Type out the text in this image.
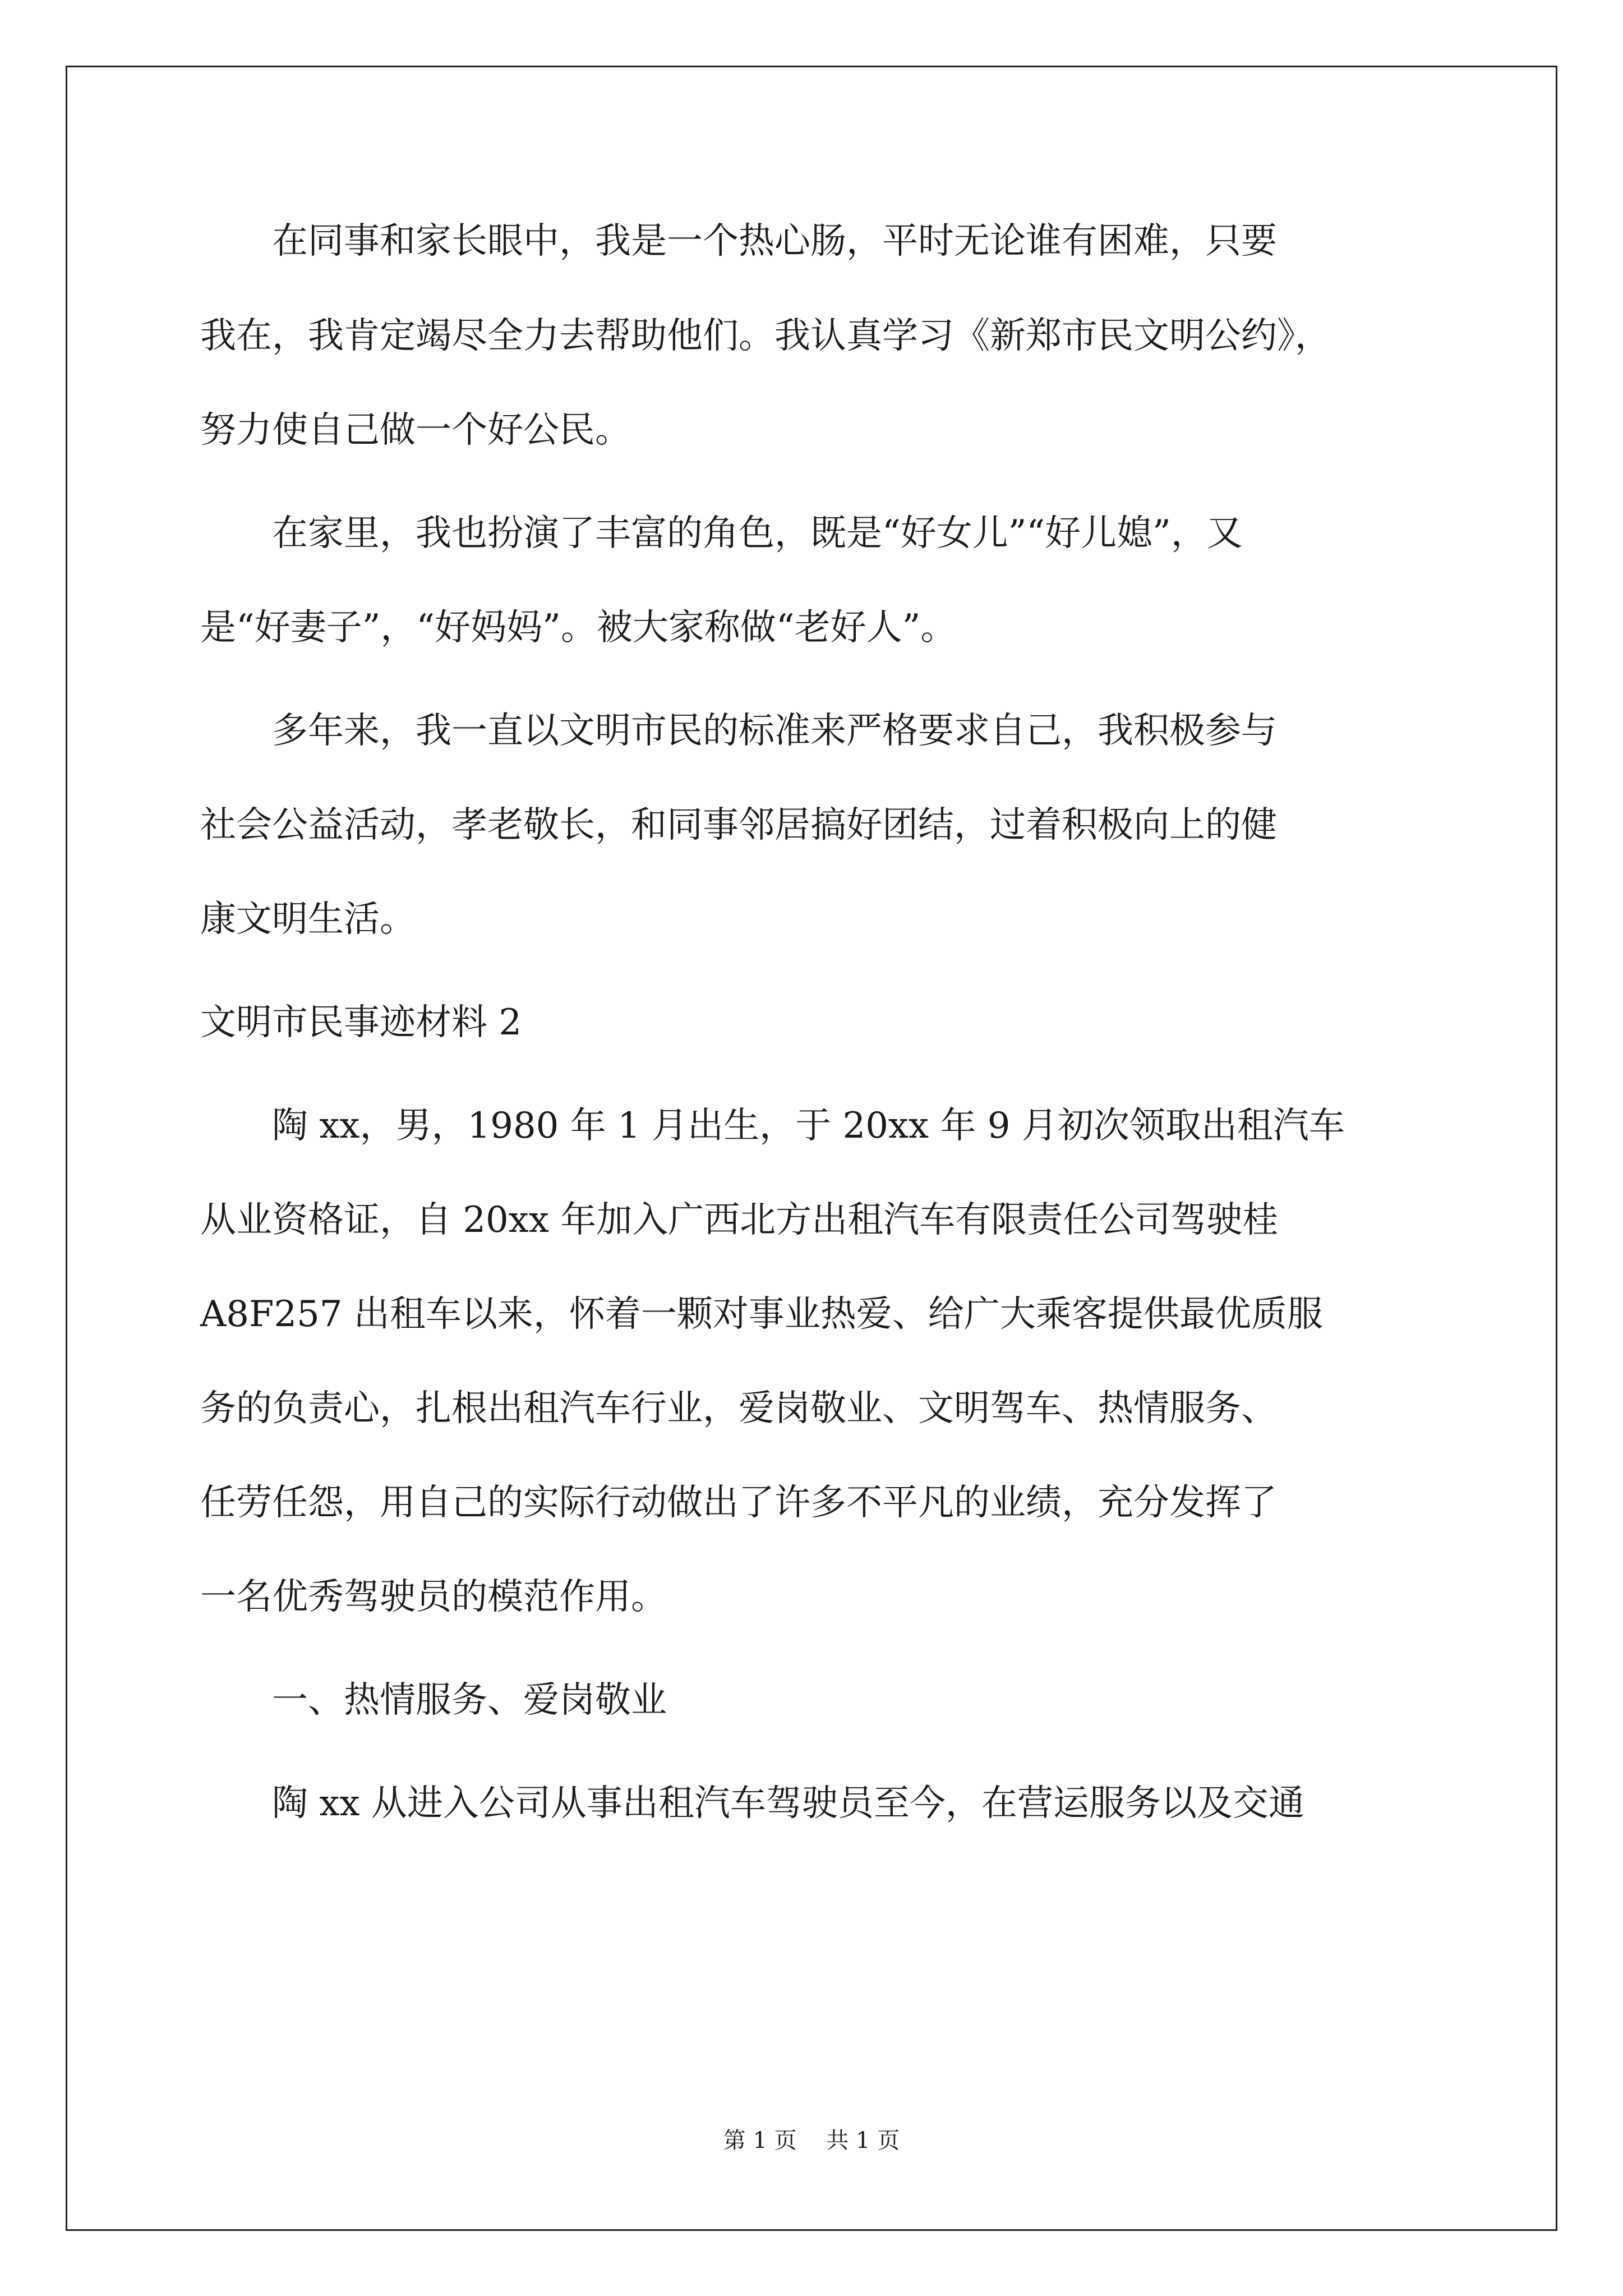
　　在同事和家长眼中，我是一个热心肠，平时无论谁有困难，只要
我在，我肯定竭尽全力去帮助他们。我认真学习《新郑市民文明公约》，
努力使自己做一个好公民。
　　在家里，我也扮演了丰富的角色，既是“好女儿”“好儿媳”，又
是“好妻子”，“好妈妈”。被大家称做“老好人”。
　　多年来，我一直以文明市民的标准来严格要求自己，我积极参与
社会公益活动，孝老敬长，和同事邻居搞好团结，过着积极向上的健
康文明生活。
文明市民事迹材料 2
　　陶 xx，男，1980 年 1 月出生，于 20xx 年 9 月初次领取出租汽车
从业资格证，自 20xx 年加入广西北方出租汽车有限责任公司驾驶桂
A8F257 出租车以来，怀着一颗对事业热爱、给广大乘客提供最优质服
务的负责心，扎根出租汽车行业，爱岗敬业、文明驾车、热情服务、
任劳任怨，用自己的实际行动做出了许多不平凡的业绩，充分发挥了
一名优秀驾驶员的模范作用。
　　一、热情服务、爱岗敬业
　　陶 xx 从进入公司从事出租汽车驾驶员至今，在营运服务以及交通
第 1 页　 共 1 页
